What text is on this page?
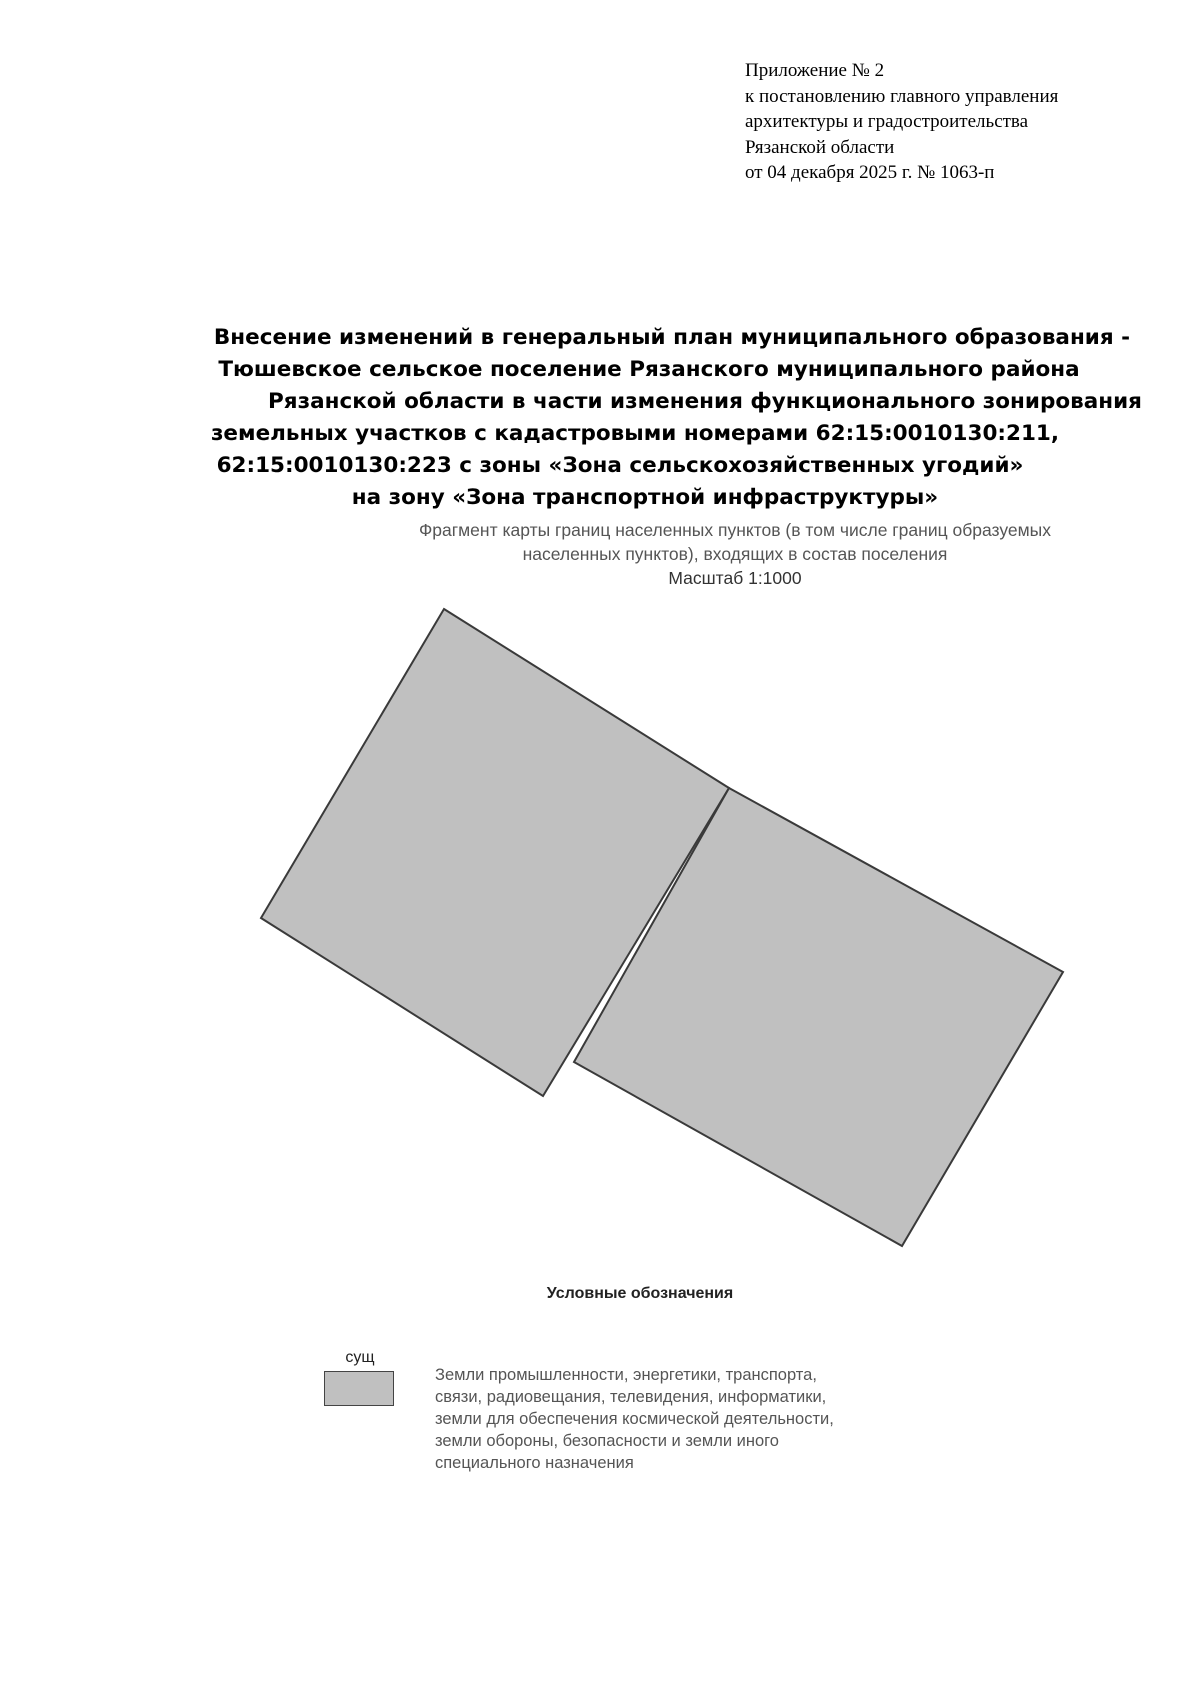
Приложение № 2
к постановлению главного управления
архитектуры и градостроительства
Рязанской области
от 04 декабря 2025 г. № 1063-п
Внесение изменений в генеральный план муниципального образования -
Тюшевское сельское поселение Рязанского муниципального района
Рязанской области в части изменения функционального зонирования
земельных участков с кадастровыми номерами 62:15:0010130:211,
62:15:0010130:223 с зоны «Зона сельскохозяйственных угодий»
на зону «Зона транспортной инфраструктуры»
Фрагмент карты границ населенных пунктов (в том числе границ образуемых
населенных пунктов), входящих в состав поселения
Масштаб 1:1000
Условные обозначения
сущ
Земли промышленности, энергетики, транспорта,
связи, радиовещания, телевидения, информатики,
земли для обеспечения космической деятельности,
земли обороны, безопасности и земли иного
специального назначения
